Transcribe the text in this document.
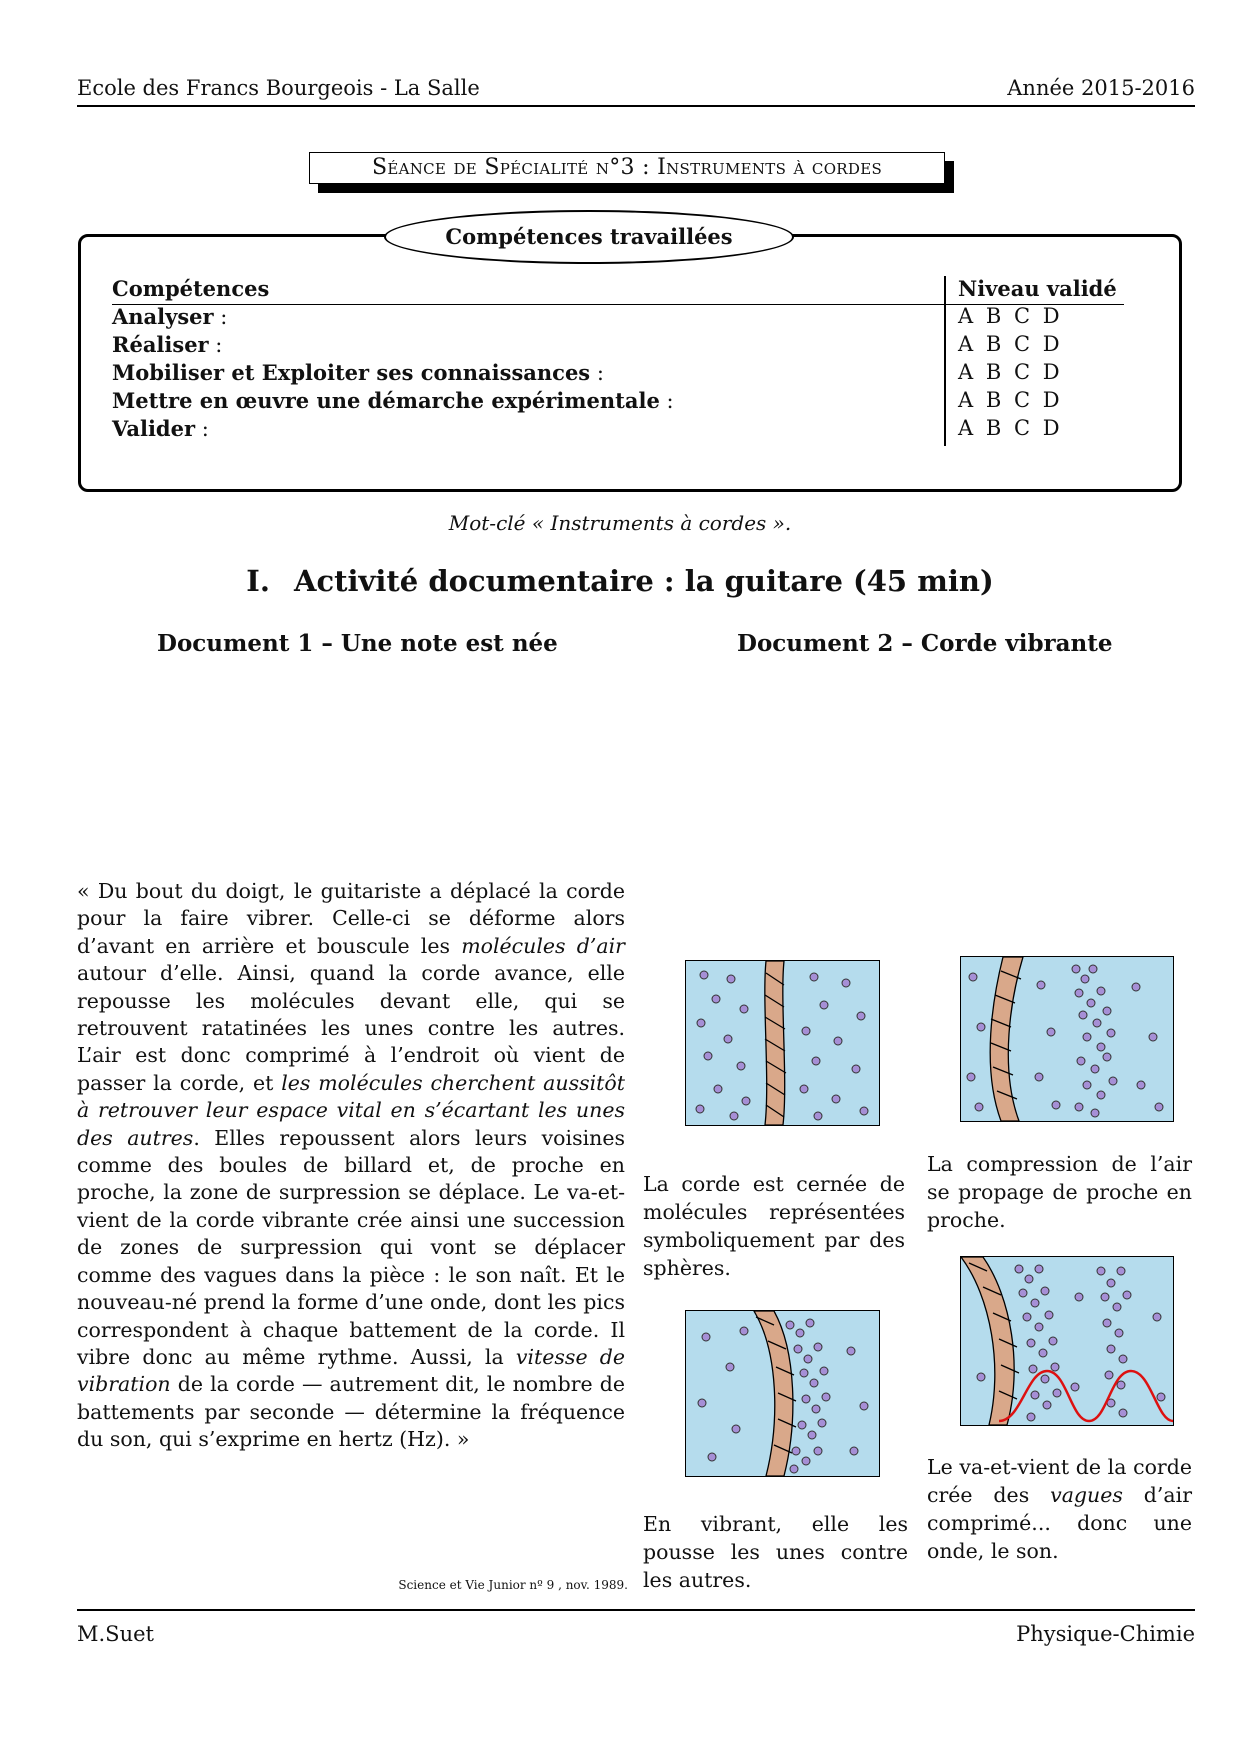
Ecole des Francs Bourgeois - La Salle	Année 2015-2016
Séance de Spécialité n°3 : Instruments à cordes
Compétences travaillées
Compétences	Niveau validé
Analyser :	A B C D
Réaliser :	A B C D
Mobiliser et Exploiter ses connaissances :	A B C D
Mettre en œuvre une démarche expérimentale :	A B C D
Valider :	A B C D
Mot-clé « Instruments à cordes ».
I. Activité documentaire : la guitare (45 min)
Document 1 – Une note est née	Document 2 – Corde vibrante
« Du bout du doigt, le guitariste a déplacé la corde pour la faire vibrer. Celle-ci se déforme alors d’avant en arrière et bouscule les molécules d’air autour d’elle. Ainsi, quand la corde avance, elle repousse les molécules devant elle, qui se retrouvent ratatinées les unes contre les autres. L’air est donc comprimé à l’endroit où vient de passer la corde, et les molécules cherchent aussitôt à retrouver leur espace vital en s’écartant les unes des autres. Elles repoussent alors leurs voisines comme des boules de billard et, de proche en proche, la zone de surpression se déplace. Le va-et- vient de la corde vibrante crée ainsi une succession de zones de surpression qui vont se déplacer comme des vagues dans la pièce : le son naît. Et le nouveau-né prend la forme d’une onde, dont les pics correspondent à chaque battement de la corde. Il vibre donc au même rythme. Aussi, la vitesse de vibration de la corde — autrement dit, le nombre de battements par seconde — détermine la fréquence du son, qui s’exprime en hertz (Hz). »
Science et Vie Junior nº 9 , nov. 1989.
La corde est cernée de molécules représentées symboliquement par des sphères.
La compression de l’air se propage de proche en proche.
En vibrant, elle les pousse les unes contre les autres.
Le va-et-vient de la corde crée des vagues d’air comprimé... donc une onde, le son.
M.Suet	Physique-Chimie
